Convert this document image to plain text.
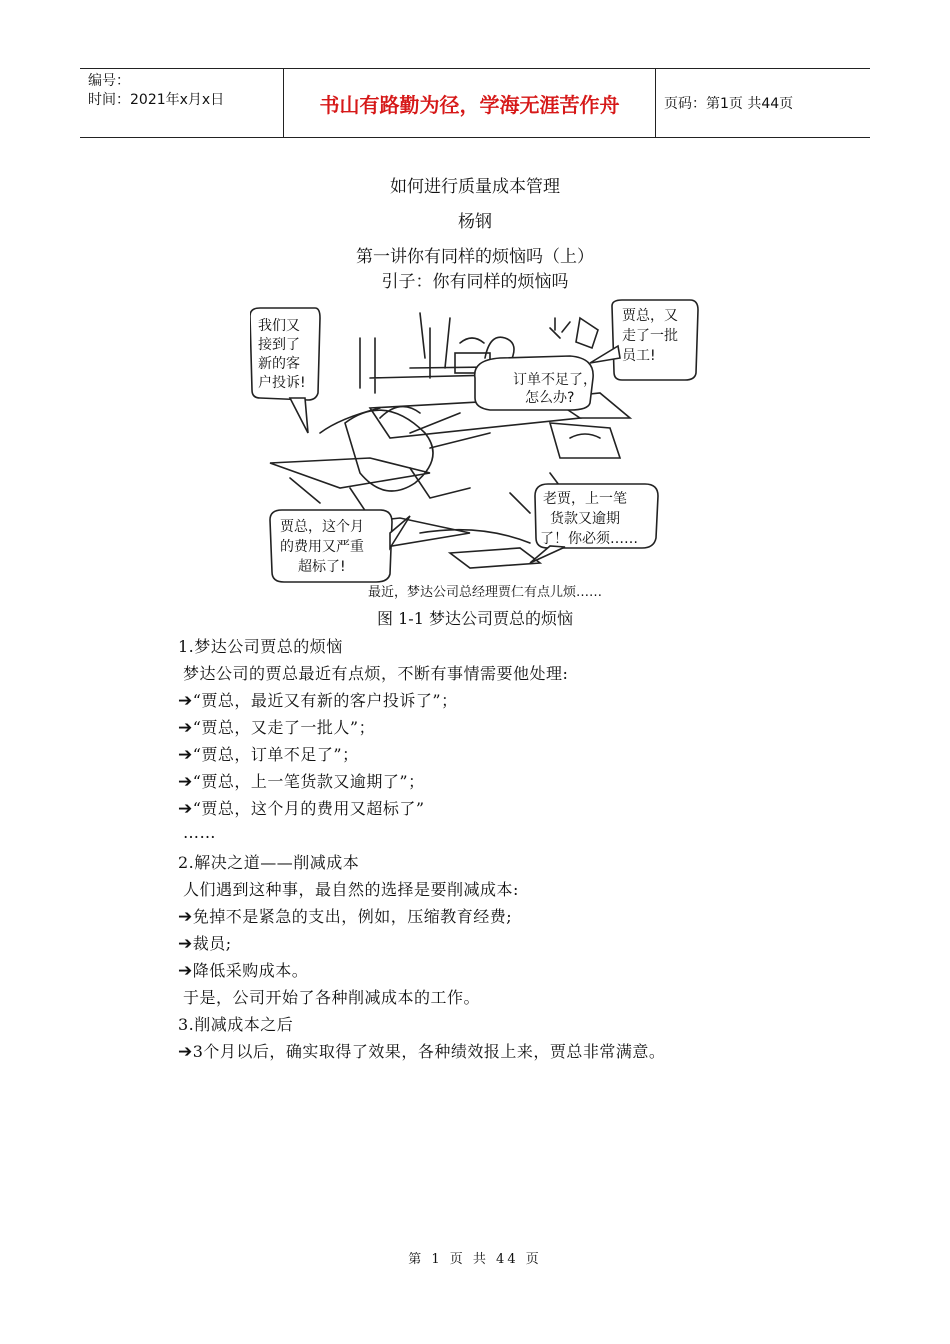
编号：
时间：2021年x月x日	书山有路勤为径，学海无涯苦作舟	页码：第1页 共44页
如何进行质量成本管理
杨钢
第一讲你有同样的烦恼吗（上）
引子：你有同样的烦恼吗
我们又
接到了
新的客
户投诉!
贾总，又
走了一批
员工!
订单不足了，
怎么办?
贾总，这个月
的费用又严重
超标了!
老贾，上一笔
货款又逾期
了！你必须……
最近，梦达公司总经理贾仁有点儿烦……
图 1-1 梦达公司贾总的烦恼
1.梦达公司贾总的烦恼
梦达公司的贾总最近有点烦，不断有事情需要他处理:
➔“贾总，最近又有新的客户投诉了”；
➔“贾总，又走了一批人”；
➔“贾总，订单不足了”；
➔“贾总，上一笔货款又逾期了”；
➔“贾总，这个月的费用又超标了”
……
2.解决之道——削减成本
人们遇到这种事，最自然的选择是要削减成本:
➔免掉不是紧急的支出，例如，压缩教育经费;
➔裁员;
➔降低采购成本。
于是，公司开始了各种削减成本的工作。
3.削减成本之后
➔3个月以后，确实取得了效果，各种绩效报上来，贾总非常满意。
第 1 页 共 44 页
